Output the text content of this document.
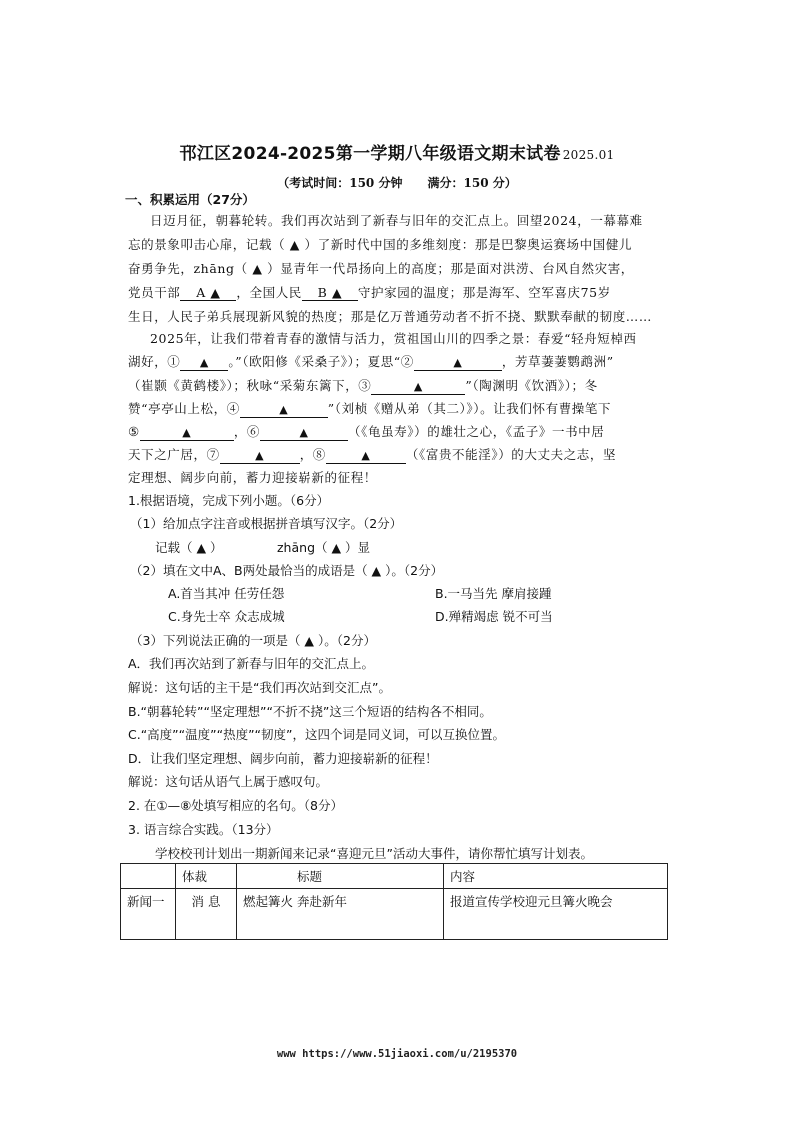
邗江区2024-2025第一学期八年级语文期末试卷 2025.01
（考试时间：150 分钟      满分：150 分）
一、积累运用（27分）
日迈月征，朝暮轮转。我们再次站到了新春与旧年的交汇点上。回望2024，一幕幕难
忘的景象叩击心扉，记载（ ▲ ）了新时代中国的多维刻度：那是巴黎奥运赛场中国健儿
奋勇争先，zhāng（ ▲ ）显青年一代昂扬向上的高度；那是面对洪涝、台风自然灾害，
党员干部 A ▲ ，全国人民 B ▲ 守护家园的温度；那是海军、空军喜庆75岁
生日，人民子弟兵展现新风貌的热度；那是亿万普通劳动者不折不挠、默默奉献的韧度……
2025年，让我们带着青春的激情与活力，赏祖国山川的四季之景：春爱“轻舟短棹西
湖好，① ▲ 。”（欧阳修《采桑子》）；夏思“②	▲	，芳草萋萋鹦鹉洲”
（崔颢《黄鹤楼》）；秋咏“采菊东篱下，③	▲	”（陶渊明《饮酒》）；冬
赞“亭亭山上松，④	▲	”（刘桢《赠从弟（其二）》）。让我们怀有曹操笔下
⑤	▲	，⑥	▲	（《龟虽寿》）的雄壮之心，《孟子》一书中居
天下之广居，⑦	▲	，⑧	▲	（《富贵不能淫》）的大丈夫之志，坚
定理想、阔步向前，蓄力迎接崭新的征程！
1.根据语境，完成下列小题。（6分）
（1）给加点字注音或根据拼音填写汉字。（2分）
记载（ ▲ ）	zhāng（ ▲ ）显
（2）填在文中A、B两处最恰当的成语是（ ▲ ）。（2分）
A.首当其冲 任劳任怨	B.一马当先 摩肩接踵
C.身先士卒 众志成城	D.殚精竭虑 锐不可当
（3）下列说法正确的一项是（ ▲ ）。（2分）
A．我们再次站到了新春与旧年的交汇点上。
解说：这句话的主干是“我们再次站到交汇点”。
B.“朝暮轮转”“坚定理想”“不折不挠”这三个短语的结构各不相同。
C.“高度”“温度”“热度”“韧度”，这四个词是同义词，可以互换位置。
D．让我们坚定理想、阔步向前，蓄力迎接崭新的征程！
解说：这句话从语气上属于感叹句。
2. 在①—⑧处填写相应的名句。（8分）
3. 语言综合实践。（13分）
学校校刊计划出一期新闻来记录“喜迎元旦”活动大事件，请你帮忙填写计划表。
	体裁	标题	内容
新闻一	消 息	燃起篝火 奔赴新年	报道宣传学校迎元旦篝火晚会
www https://www.51jiaoxi.com/u/2195370
